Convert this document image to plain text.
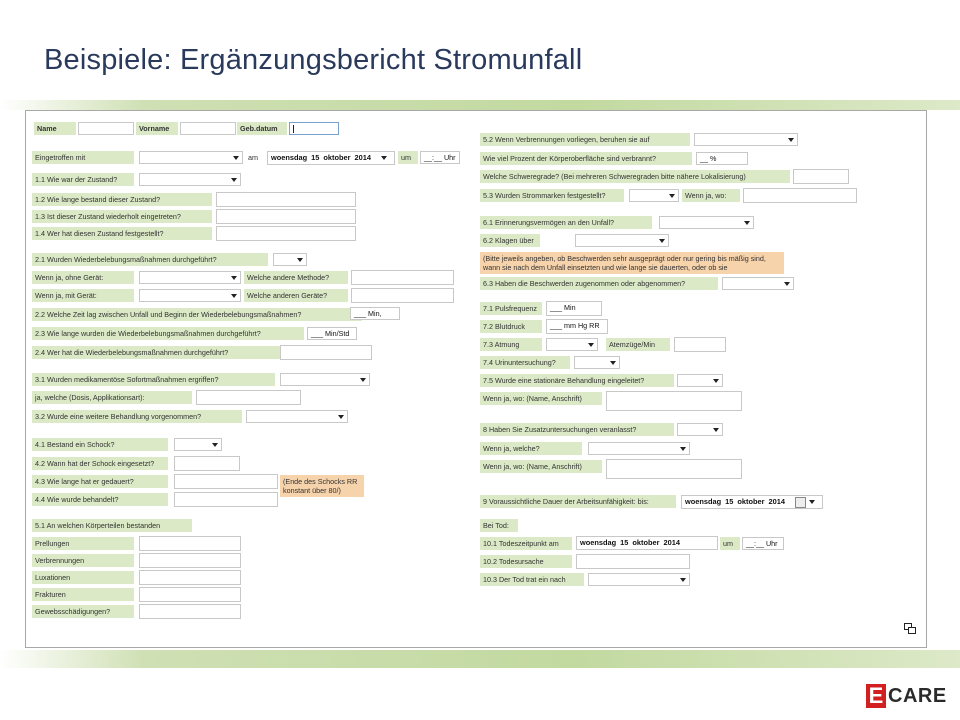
Beispiele: Ergänzungsbericht Stromunfall
Name	Vorname	Geb.datum
Eingetroffen mit	am	woensdag 15 oktober 2014	um	__:__ Uhr
1.1 Wie war der Zustand?
1.2 Wie lange bestand dieser Zustand?
1.3 Ist dieser Zustand wiederholt eingetreten?
1.4 Wer hat diesen Zustand festgestellt?
2.1 Wurden Wiederbelebungsmaßnahmen durchgeführt?
Wenn ja, ohne Gerät:	Welche andere Methode?
Wenn ja, mit Gerät:	Welche anderen Geräte?
2.2 Welche Zeit lag zwischen Unfall und Beginn der Wiederbelebungsmaßnahmen?	___ Min,
2.3 Wie lange wurden die Wiederbelebungsmaßnahmen durchgeführt?	___ Min/Std
2.4 Wer hat die Wiederbelebungsmaßnahmen durchgeführt?
3.1 Wurden medikamentöse Sofortmaßnahmen ergriffen?
ja, welche (Dosis, Applikationsart):
3.2 Wurde eine weitere Behandlung vorgenommen?
4.1 Bestand ein Schock?
4.2 Wann hat der Schock eingesetzt?
4.3 Wie lange hat er gedauert?	(Ende des Schocks RR konstant über 80/)
4.4 Wie wurde behandelt?
5.1 An welchen Körperteilen bestanden
Prellungen
Verbrennungen
Luxationen
Frakturen
Gewebsschädigungen?
5.2 Wenn Verbrennungen vorliegen, beruhen sie auf
Wie viel Prozent der Körperoberfläche sind verbrannt?	__ %
Welche Schweregrade? (Bei mehreren Schweregraden bitte nähere Lokalisierung)
5.3 Wurden Strommarken festgestellt?	Wenn ja, wo:
6.1 Erinnerungsvermögen an den Unfall?
6.2 Klagen über
(Bitte jeweils angeben, ob Beschwerden sehr ausgeprägt oder nur gering bis mäßig sind, wann sie nach dem Unfall einsetzten und wie lange sie dauerten, oder ob sie
6.3 Haben die Beschwerden zugenommen oder abgenommen?
7.1 Pulsfrequenz	___ Min
7.2 Blutdruck	___ mm Hg RR
7.3 Atmung	Atemzüge/Min
7.4 Urinuntersuchung?
7.5 Wurde eine stationäre Behandlung eingeleitet?
Wenn ja, wo: (Name, Anschrift)
8 Haben Sie Zusatzuntersuchungen veranlasst?
Wenn ja, welche?
Wenn ja, wo: (Name, Anschrift)
9 Voraussichtliche Dauer der Arbeitsunfähigkeit: bis:	woensdag 15 oktober 2014
Bei Tod:
10.1 Todeszeitpunkt am	woensdag 15 oktober 2014	um	__:__ Uhr
10.2 Todesursache
10.3 Der Tod trat ein nach
E CARE
